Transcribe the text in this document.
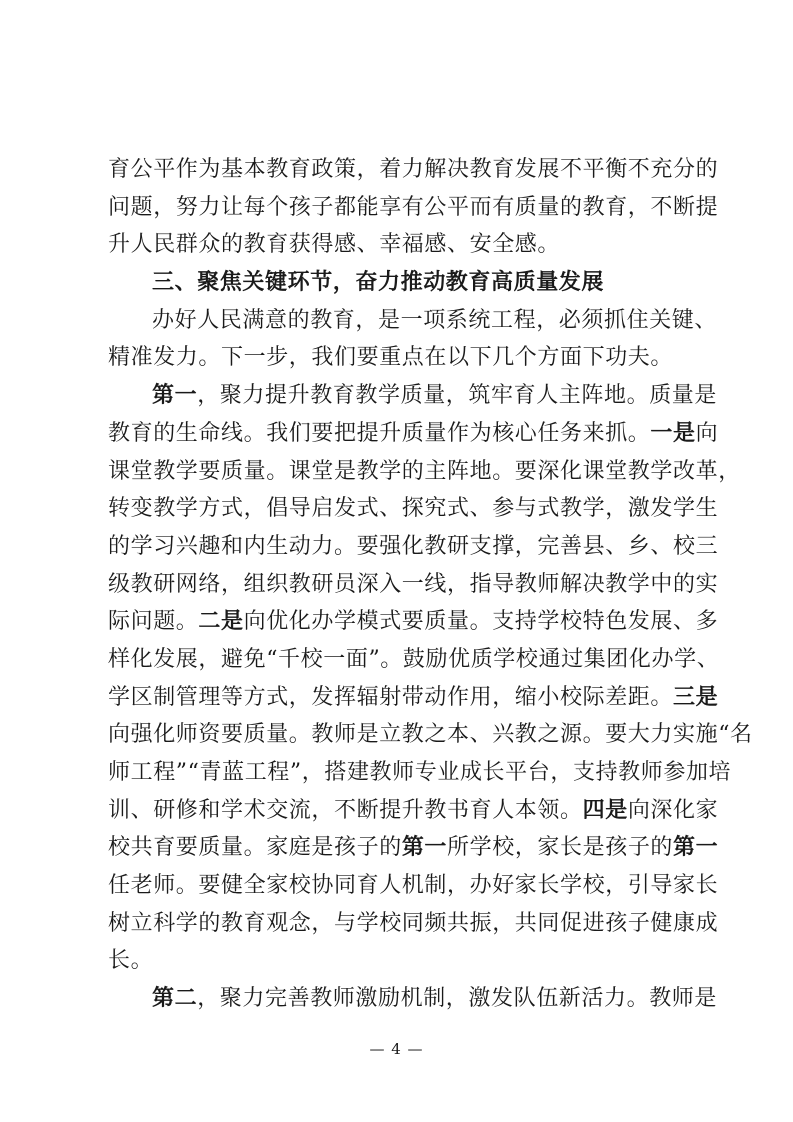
育公平作为基本教育政策，着力解决教育发展不平衡不充分的
问题，努力让每个孩子都能享有公平而有质量的教育，不断提
升人民群众的教育获得感、幸福感、安全感。
三、聚焦关键环节，奋力推动教育高质量发展
办好人民满意的教育，是一项系统工程，必须抓住关键、
精准发力。下一步，我们要重点在以下几个方面下功夫。
第一，聚力提升教育教学质量，筑牢育人主阵地。质量是
教育的生命线。我们要把提升质量作为核心任务来抓。一是向
课堂教学要质量。课堂是教学的主阵地。要深化课堂教学改革，
转变教学方式，倡导启发式、探究式、参与式教学，激发学生
的学习兴趣和内生动力。要强化教研支撑，完善县、乡、校三
级教研网络，组织教研员深入一线，指导教师解决教学中的实
际问题。二是向优化办学模式要质量。支持学校特色发展、多
样化发展，避免“千校一面”。鼓励优质学校通过集团化办学、
学区制管理等方式，发挥辐射带动作用，缩小校际差距。三是
向强化师资要质量。教师是立教之本、兴教之源。要大力实施“名
师工程”“青蓝工程”，搭建教师专业成长平台，支持教师参加培
训、研修和学术交流，不断提升教书育人本领。四是向深化家
校共育要质量。家庭是孩子的第一所学校，家长是孩子的第一
任老师。要健全家校协同育人机制，办好家长学校，引导家长
树立科学的教育观念，与学校同频共振，共同促进孩子健康成
长。
第二，聚力完善教师激励机制，激发队伍新活力。教师是
— 4 —
